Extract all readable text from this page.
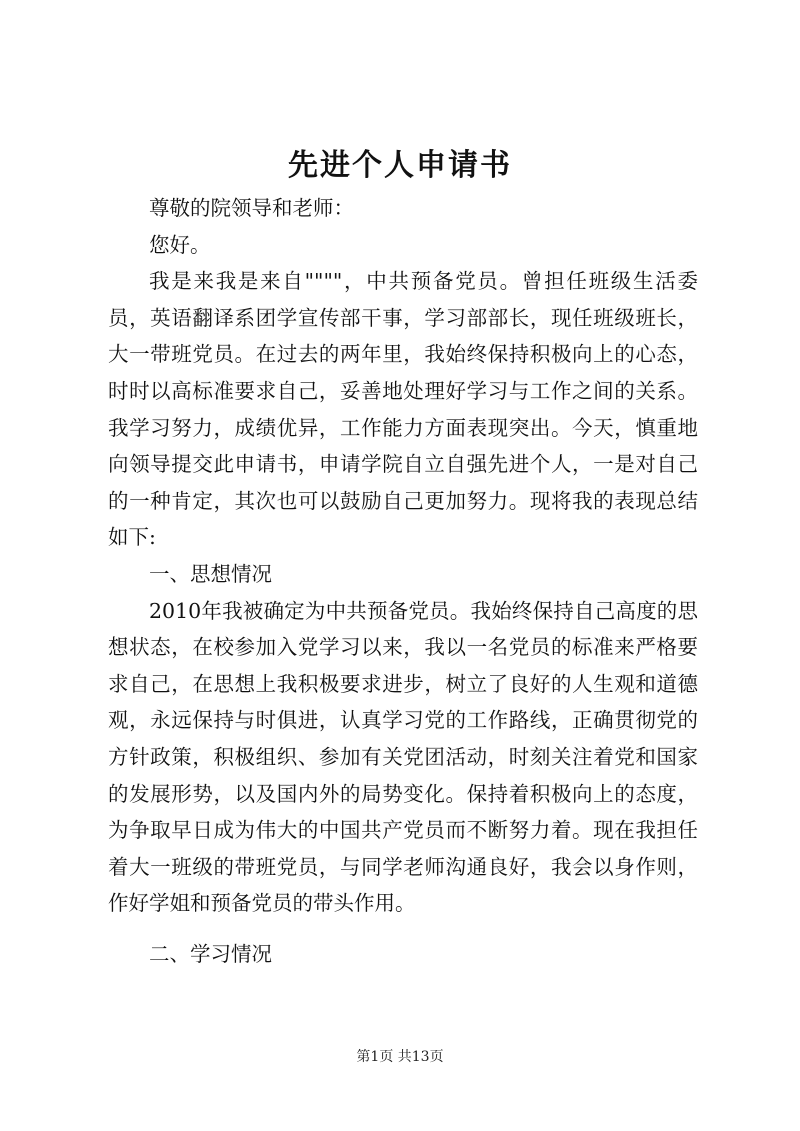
先进个人申请书

尊敬的院领导和老师：

您好。

我是来我是来自""""，中共预备党员。曾担任班级生活委员，英语翻译系团学宣传部干事，学习部部长，现任班级班长，大一带班党员。在过去的两年里，我始终保持积极向上的心态，时时以高标准要求自己，妥善地处理好学习与工作之间的关系。我学习努力，成绩优异，工作能力方面表现突出。今天，慎重地向领导提交此申请书，申请学院自立自强先进个人，一是对自己的一种肯定，其次也可以鼓励自己更加努力。现将我的表现总结如下:

一、思想情况

2010年我被确定为中共预备党员。我始终保持自己高度的思想状态，在校参加入党学习以来，我以一名党员的标准来严格要求自己，在思想上我积极要求进步，树立了良好的人生观和道德观，永远保持与时俱进，认真学习党的工作路线，正确贯彻党的方针政策，积极组织、参加有关党团活动，时刻关注着党和国家的发展形势，以及国内外的局势变化。保持着积极向上的态度，为争取早日成为伟大的中国共产党员而不断努力着。现在我担任着大一班级的带班党员，与同学老师沟通良好，我会以身作则，作好学姐和预备党员的带头作用。

二、学习情况

第1页 共13页
